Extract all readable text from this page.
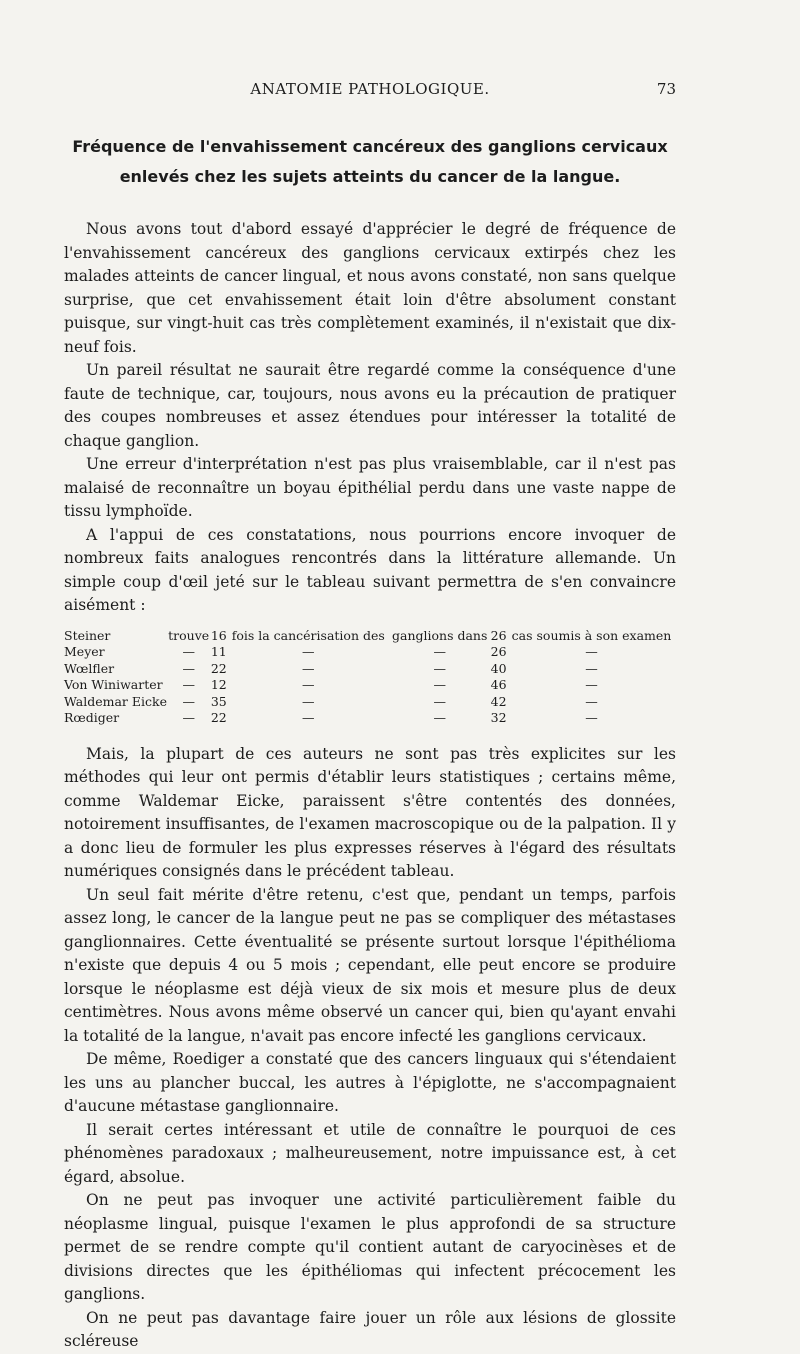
ANATOMIE PATHOLOGIQUE.	73
Fréquence de l'envahissement cancéreux des ganglions cervicaux
enlevés chez les sujets atteints du cancer de la langue.

Nous avons tout d'abord essayé d'apprécier le degré de fréquence de l'envahissement cancéreux des ganglions cervicaux extirpés chez les malades atteints de cancer lingual, et nous avons constaté, non sans quelque surprise, que cet envahissement était loin d'être absolument constant puisque, sur vingt-huit cas très complètement examinés, il n'existait que dix-neuf fois.

Un pareil résultat ne saurait être regardé comme la conséquence d'une faute de technique, car, toujours, nous avons eu la précaution de pratiquer des coupes nombreuses et assez étendues pour intéresser la totalité de chaque ganglion.

Une erreur d'interprétation n'est pas plus vraisemblable, car il n'est pas malaisé de reconnaître un boyau épithélial perdu dans une vaste nappe de tissu lymphoïde.

A l'appui de ces constatations, nous pourrions encore invoquer de nombreux faits analogues rencontrés dans la littérature allemande. Un simple coup d'œil jeté sur le tableau suivant permettra de s'en convaincre aisément :

Steiner	trouve	16	fois la cancérisation des	ganglions dans	26	cas soumis à son examen
Meyer	—	11	—	—	26	—
Wœlfler	—	22	—	—	40	—
Von Winiwarter	—	12	—	—	46	—
Waldemar Eicke	—	35	—	—	42	—
Rœdiger	—	22	—	—	32	—

Mais, la plupart de ces auteurs ne sont pas très explicites sur les méthodes qui leur ont permis d'établir leurs statistiques ; certains même, comme Waldemar Eicke, paraissent s'être contentés des données, notoirement insuffisantes, de l'examen macroscopique ou de la palpation. Il y a donc lieu de formuler les plus expresses réserves à l'égard des résultats numériques consignés dans le précédent tableau.

Un seul fait mérite d'être retenu, c'est que, pendant un temps, parfois assez long, le cancer de la langue peut ne pas se compliquer des métastases ganglionnaires. Cette éventualité se présente surtout lorsque l'épithélioma n'existe que depuis 4 ou 5 mois ; cependant, elle peut encore se produire lorsque le néoplasme est déjà vieux de six mois et mesure plus de deux centimètres. Nous avons même observé un cancer qui, bien qu'ayant envahi la totalité de la langue, n'avait pas encore infecté les ganglions cervicaux.

De même, Roediger a constaté que des cancers linguaux qui s'étendaient les uns au plancher buccal, les autres à l'épiglotte, ne s'accompagnaient d'aucune métastase ganglionnaire.

Il serait certes intéressant et utile de connaître le pourquoi de ces phénomènes paradoxaux ; malheureusement, notre impuissance est, à cet égard, absolue.

On ne peut pas invoquer une activité particulièrement faible du néoplasme lingual, puisque l'examen le plus approfondi de sa structure permet de se rendre compte qu'il contient autant de caryocinèses et de divisions directes que les épithéliomas qui infectent précocement les ganglions.

On ne peut pas davantage faire jouer un rôle aux lésions de glossite scléreuse
